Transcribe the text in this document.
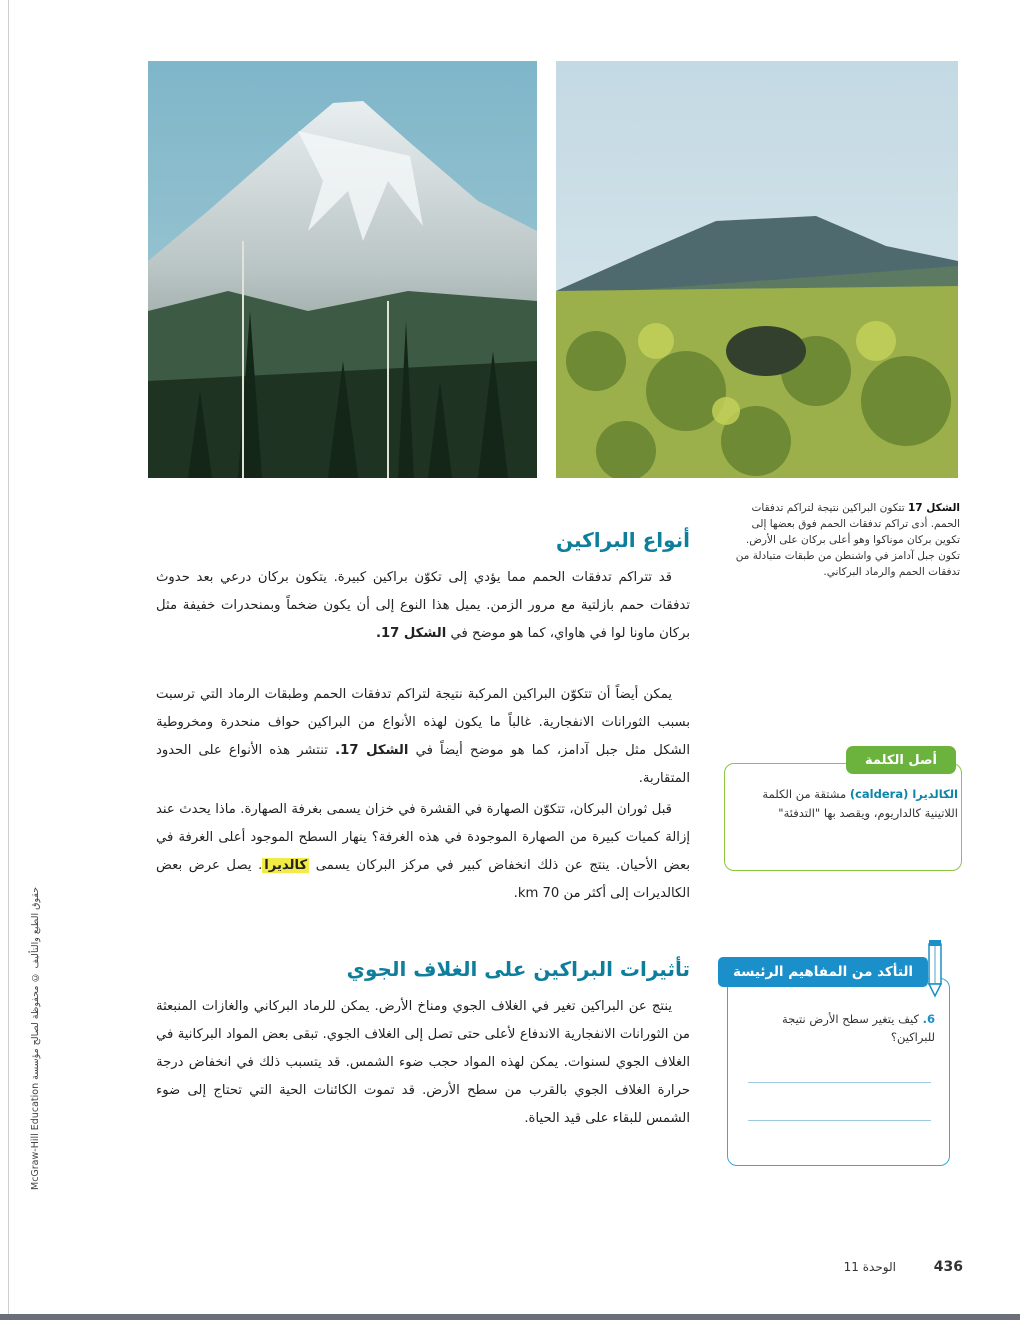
الشكل 17 تتكون البراكين نتيجة لتراكم تدفقات الحمم. أدى تراكم تدفقات الحمم فوق بعضها إلى تكوين بركان موناكوا وهو أعلى بركان على الأرض. تكون جبل آدامز في واشنطن من طبقات متبادلة من تدفقات الحمم والرماد البركاني.
أنواع البراكين

قد تتراكم تدفقات الحمم مما يؤدي إلى تكوّن براكين كبيرة. يتكون بركان درعي بعد حدوث تدفقات حمم بازلتية مع مرور الزمن. يميل هذا النوع إلى أن يكون ضخماً وبمنحدرات خفيفة مثل بركان ماونا لوا في هاواي، كما هو موضح في الشكل 17.

يمكن أيضاً أن تتكوّن البراكين المركبة نتيجة لتراكم تدفقات الحمم وطبقات الرماد التي ترسبت بسبب الثورانات الانفجارية. غالباً ما يكون لهذه الأنواع من البراكين حواف منحدرة ومخروطية الشكل مثل جبل آدامز، كما هو موضح أيضاً في الشكل 17. تنتشر هذه الأنواع على الحدود المتقاربة.

قبل ثوران البركان، تتكوّن الصهارة في القشرة في خزان يسمى بغرفة الصهارة. ماذا يحدث عند إزالة كميات كبيرة من الصهارة الموجودة في هذه الغرفة؟ ينهار السطح الموجود أعلى الغرفة في بعض الأحيان. ينتج عن ذلك انخفاض كبير في مركز البركان يسمى كالديرا. يصل عرض بعض الكالديرات إلى أكثر من 70 km.

تأثيرات البراكين على الغلاف الجوي

ينتج عن البراكين تغير في الغلاف الجوي ومناخ الأرض. يمكن للرماد البركاني والغازات المنبعثة من الثورانات الانفجارية الاندفاع لأعلى حتى تصل إلى الغلاف الجوي. تبقى بعض المواد البركانية في الغلاف الجوي لسنوات. يمكن لهذه المواد حجب ضوء الشمس. قد يتسبب ذلك في انخفاض درجة حرارة الغلاف الجوي بالقرب من سطح الأرض. قد تموت الكائنات الحية التي تحتاج إلى ضوء الشمس للبقاء على قيد الحياة.

أصل الكلمة
الكالديرا (caldera) مشتقة من الكلمة اللاتينية كالداريوم، ويقصد بها "التدفئة"
التأكد من المفاهيم الرئيسة
6. كيف يتغير سطح الأرض نتيجة للبراكين؟
McGraw-Hill Education حقوق الطبع والتأليف © محفوظة لصالح مؤسسة
436 الوحدة 11
